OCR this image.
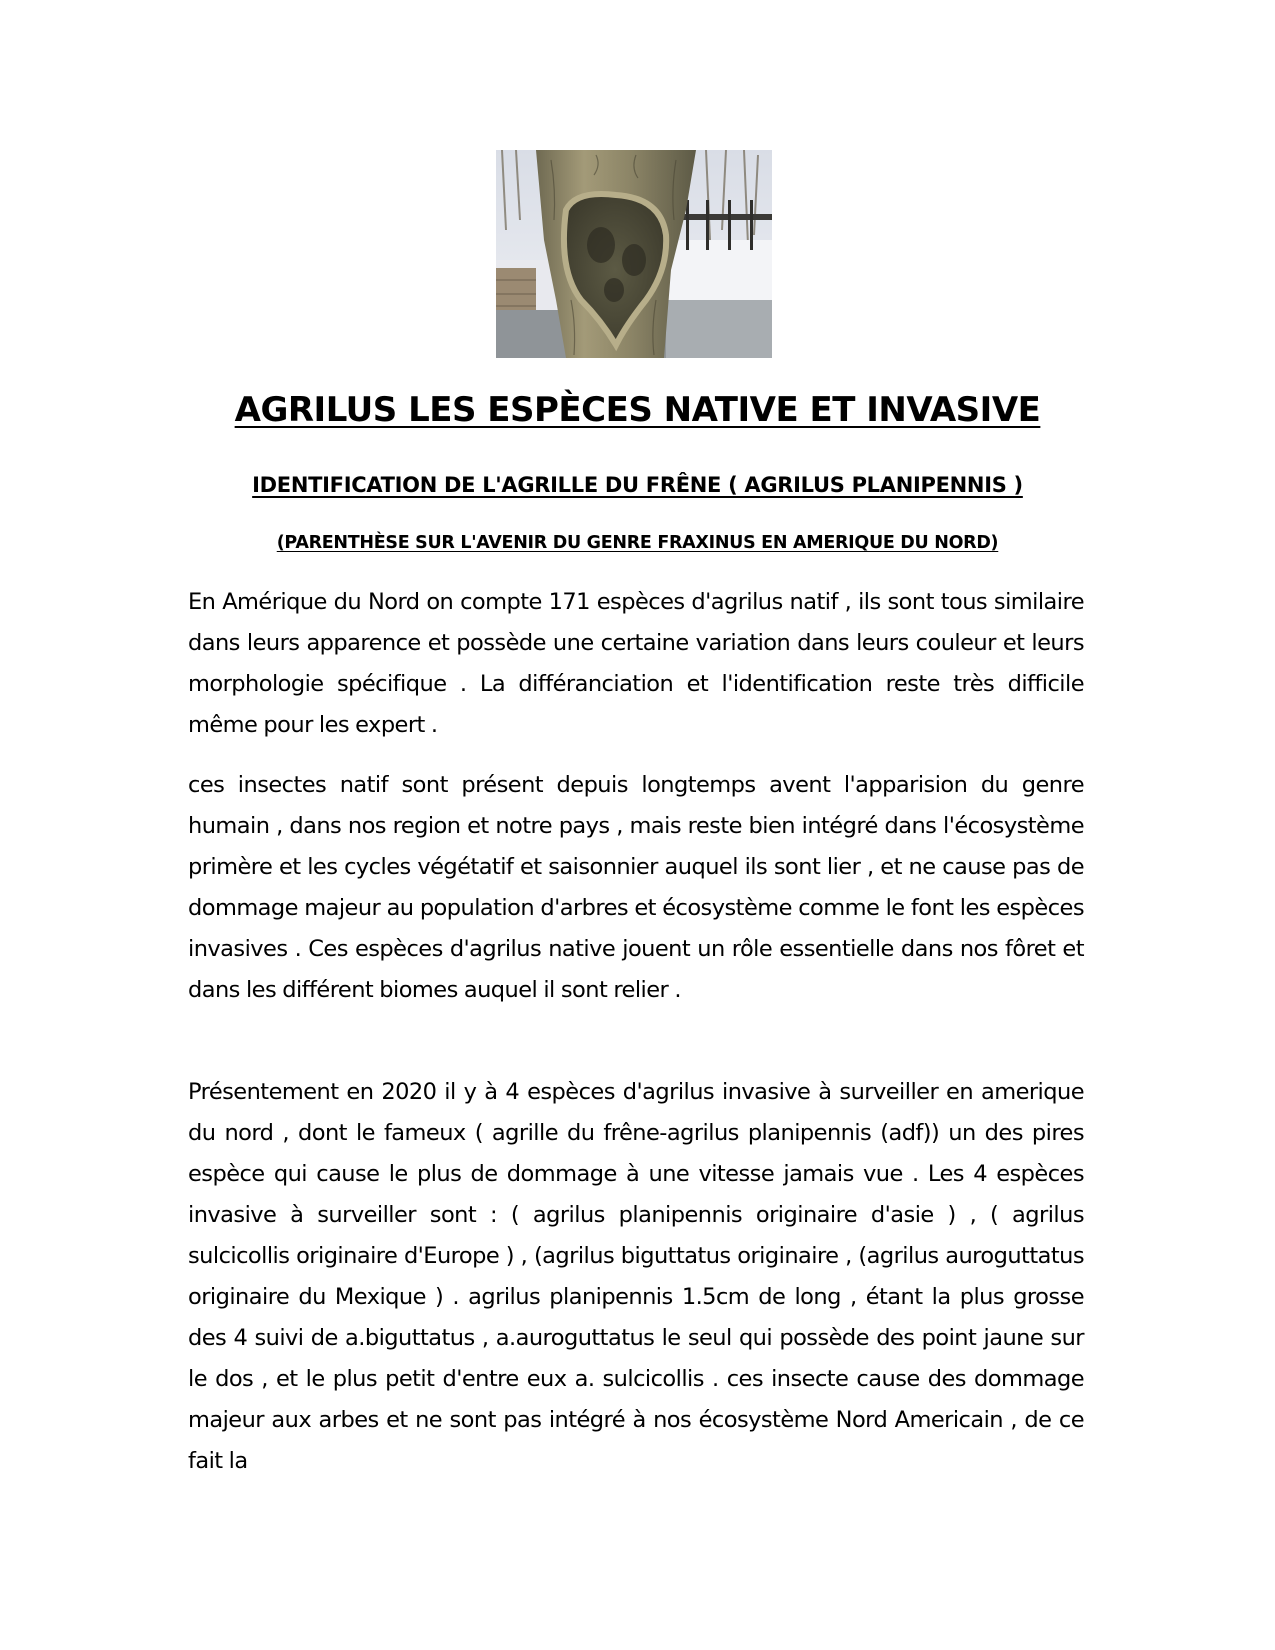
AGRILUS LES ESPÈCES NATIVE ET INVASIVE
IDENTIFICATION DE L'AGRILLE DU FRÊNE ( AGRILUS PLANIPENNIS )
(PARENTHÈSE SUR L'AVENIR DU GENRE FRAXINUS EN AMERIQUE DU NORD)

En Amérique du Nord on compte 171 espèces d'agrilus natif , ils sont tous similaire dans leurs apparence et possède une certaine variation dans leurs couleur et leurs morphologie spécifique . La différanciation et l'identification reste très difficile même pour les expert .

ces insectes natif sont présent depuis longtemps avent l'apparision du genre humain , dans nos region et notre pays , mais reste bien intégré dans l'écosystème primère et les cycles végétatif et saisonnier auquel ils sont lier , et ne cause pas de dommage majeur au population d'arbres et écosystème comme le font les espèces invasives . Ces espèces d'agrilus native jouent un rôle essentielle dans nos fôret et dans les différent biomes auquel il sont relier .

Présentement en 2020 il y à 4 espèces d'agrilus invasive à surveiller en amerique du nord , dont le fameux ( agrille du frêne-agrilus planipennis (adf)) un des pires espèce qui cause le plus de dommage à une vitesse jamais vue . Les 4 espèces invasive à surveiller sont : ( agrilus planipennis originaire d'asie ) , ( agrilus sulcicollis originaire d'Europe ) , (agrilus biguttatus originaire , (agrilus auroguttatus originaire du Mexique ) . agrilus planipennis 1.5cm de long , étant la plus grosse des 4 suivi de a.biguttatus , a.auroguttatus le seul qui possède des point jaune sur le dos , et le plus petit d'entre eux a. sulcicollis . ces insecte cause des dommage majeur aux arbes et ne sont pas intégré à nos écosystème Nord Americain , de ce fait la
